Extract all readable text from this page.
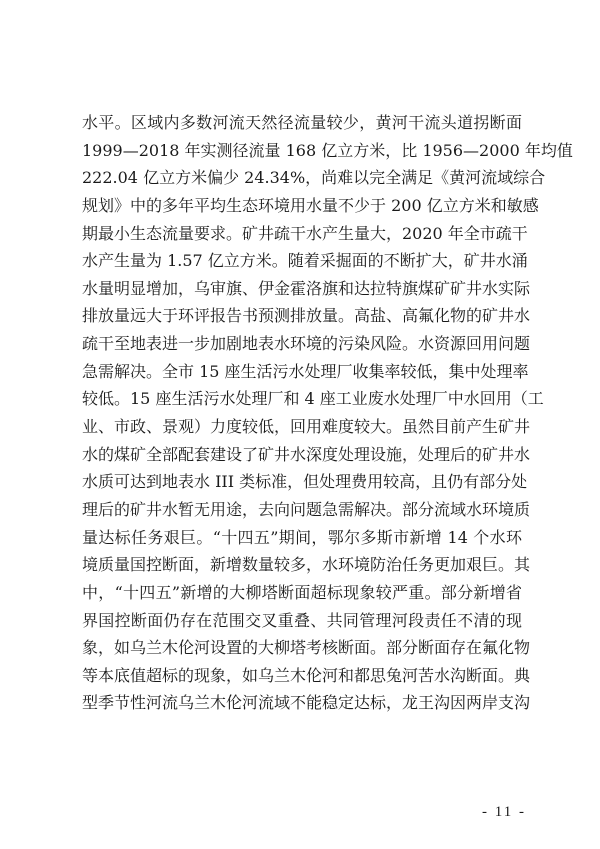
水平。区域内多数河流天然径流量较少，黄河干流头道拐断面
1999—2018 年实测径流量 168 亿立方米，比 1956—2000 年均值
222.04 亿立方米偏少 24.34%，尚难以完全满足《黄河流域综合
规划》中的多年平均生态环境用水量不少于 200 亿立方米和敏感
期最小生态流量要求。矿井疏干水产生量大，2020 年全市疏干
水产生量为 1.57 亿立方米。随着采掘面的不断扩大，矿井水涌
水量明显增加，乌审旗、伊金霍洛旗和达拉特旗煤矿矿井水实际
排放量远大于环评报告书预测排放量。高盐、高氟化物的矿井水
疏干至地表进一步加剧地表水环境的污染风险。水资源回用问题
急需解决。全市 15 座生活污水处理厂收集率较低，集中处理率
较低。15 座生活污水处理厂和 4 座工业废水处理厂中水回用（工
业、市政、景观）力度较低，回用难度较大。虽然目前产生矿井
水的煤矿全部配套建设了矿井水深度处理设施，处理后的矿井水
水质可达到地表水 III 类标准，但处理费用较高，且仍有部分处
理后的矿井水暂无用途，去向问题急需解决。部分流域水环境质
量达标任务艰巨。“十四五”期间，鄂尔多斯市新增 14 个水环
境质量国控断面，新增数量较多，水环境防治任务更加艰巨。其
中，“十四五”新增的大柳塔断面超标现象较严重。部分新增省
界国控断面仍存在范围交叉重叠、共同管理河段责任不清的现
象，如乌兰木伦河设置的大柳塔考核断面。部分断面存在氟化物
等本底值超标的现象，如乌兰木伦河和都思兔河苦水沟断面。典
型季节性河流乌兰木伦河流域不能稳定达标，龙王沟因两岸支沟
- 11 -
